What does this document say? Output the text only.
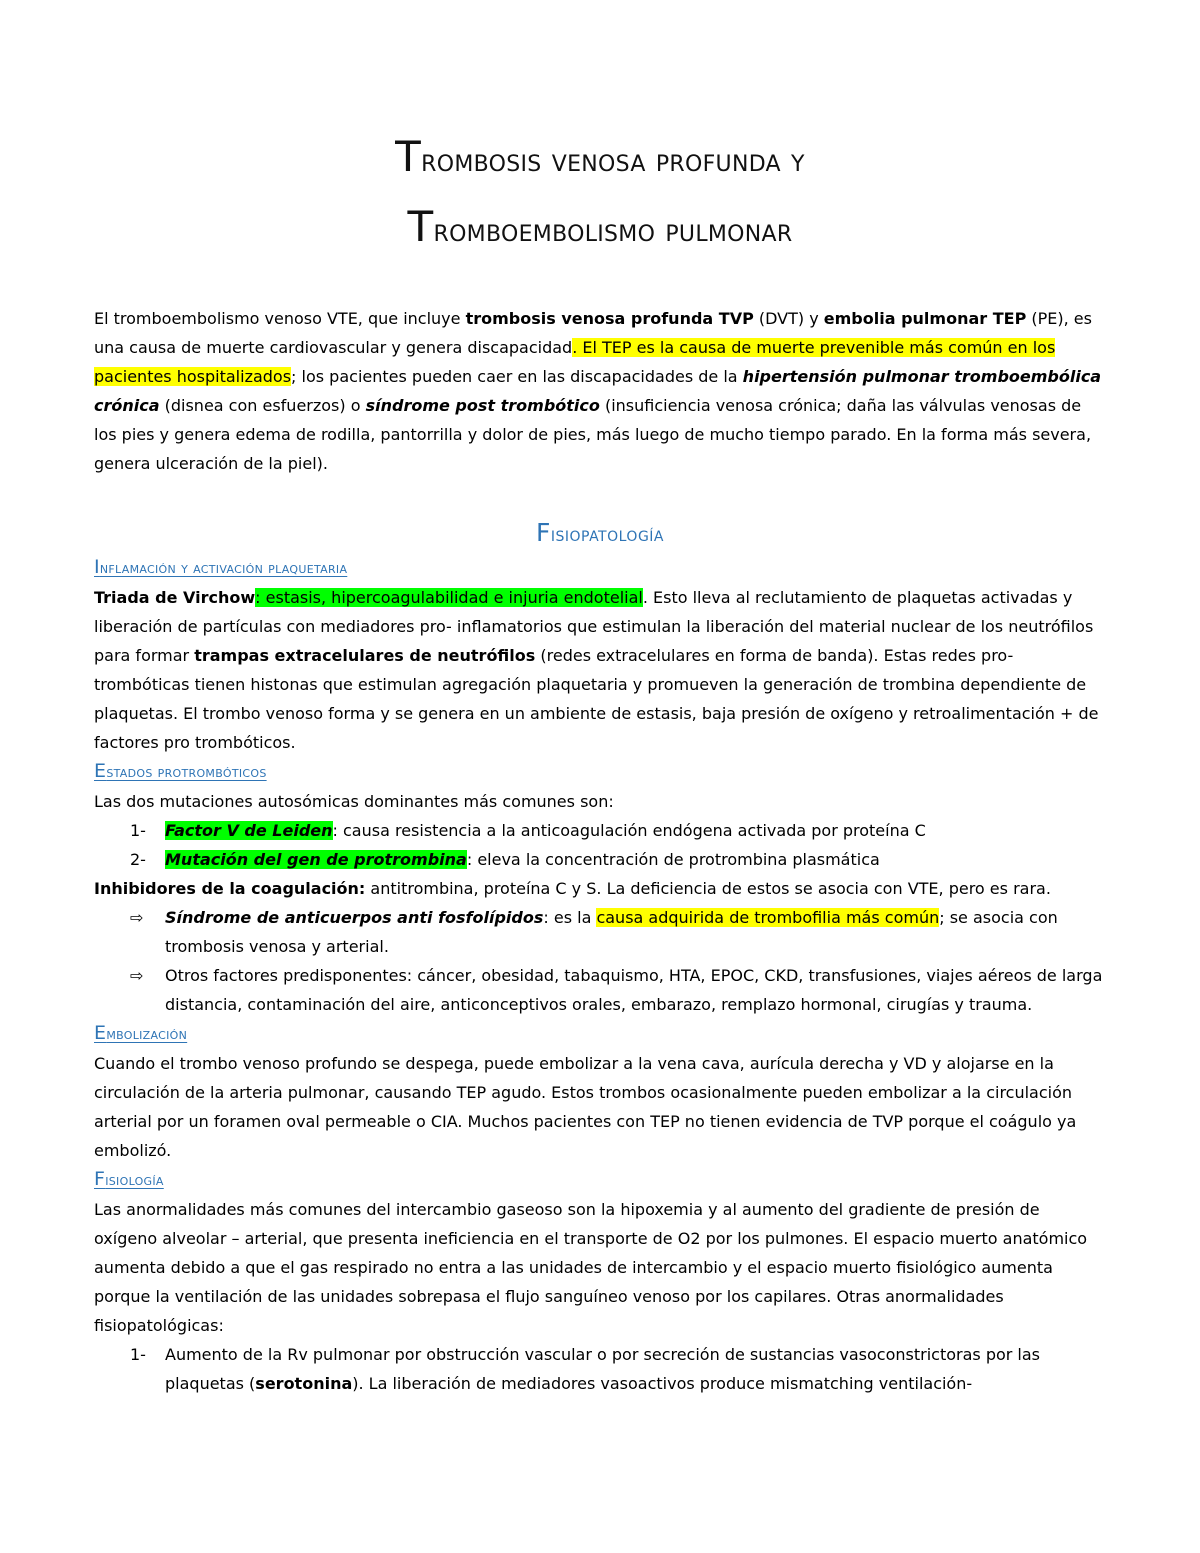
Trombosis venosa profunda y
Tromboembolismo pulmonar

El tromboembolismo venoso VTE, que incluye trombosis venosa profunda TVP (DVT) y embolia pulmonar TEP (PE), es una causa de muerte cardiovascular y genera discapacidad. El TEP es la causa de muerte prevenible más común en los pacientes hospitalizados; los pacientes pueden caer en las discapacidades de la hipertensión pulmonar tromboembólica crónica (disnea con esfuerzos) o síndrome post trombótico (insuficiencia venosa crónica; daña las válvulas venosas de los pies y genera edema de rodilla, pantorrilla y dolor de pies, más luego de mucho tiempo parado. En la forma más severa, genera ulceración de la piel).

Fisiopatología
Inflamación y activación plaquetaria

Triada de Virchow: estasis, hipercoagulabilidad e injuria endotelial. Esto lleva al reclutamiento de plaquetas activadas y liberación de partículas con mediadores pro- inflamatorios que estimulan la liberación del material nuclear de los neutrófilos para formar trampas extracelulares de neutrófilos (redes extracelulares en forma de banda). Estas redes pro- trombóticas tienen histonas que estimulan agregación plaquetaria y promueven la generación de trombina dependiente de plaquetas. El trombo venoso forma y se genera en un ambiente de estasis, baja presión de oxígeno y retroalimentación + de factores pro trombóticos.

Estados protrombóticos

Las dos mutaciones autosómicas dominantes más comunes son:

1- Factor V de Leiden: causa resistencia a la anticoagulación endógena activada por proteína C
2- Mutación del gen de protrombina: eleva la concentración de protrombina plasmática

Inhibidores de la coagulación: antitrombina, proteína C y S. La deficiencia de estos se asocia con VTE, pero es rara.

⇨ Síndrome de anticuerpos anti fosfolípidos: es la causa adquirida de trombofilia más común; se asocia con trombosis venosa y arterial.
⇨ Otros factores predisponentes: cáncer, obesidad, tabaquismo, HTA, EPOC, CKD, transfusiones, viajes aéreos de larga distancia, contaminación del aire, anticonceptivos orales, embarazo, remplazo hormonal, cirugías y trauma.
Embolización

Cuando el trombo venoso profundo se despega, puede embolizar a la vena cava, aurícula derecha y VD y alojarse en la circulación de la arteria pulmonar, causando TEP agudo. Estos trombos ocasionalmente pueden embolizar a la circulación arterial por un foramen oval permeable o CIA. Muchos pacientes con TEP no tienen evidencia de TVP porque el coágulo ya embolizó.

Fisiología

Las anormalidades más comunes del intercambio gaseoso son la hipoxemia y al aumento del gradiente de presión de oxígeno alveolar – arterial, que presenta ineficiencia en el transporte de O2 por los pulmones. El espacio muerto anatómico aumenta debido a que el gas respirado no entra a las unidades de intercambio y el espacio muerto fisiológico aumenta porque la ventilación de las unidades sobrepasa el flujo sanguíneo venoso por los capilares. Otras anormalidades fisiopatológicas:

1- Aumento de la Rv pulmonar por obstrucción vascular o por secreción de sustancias vasoconstrictoras por las plaquetas (serotonina). La liberación de mediadores vasoactivos produce mismatching ventilación-
